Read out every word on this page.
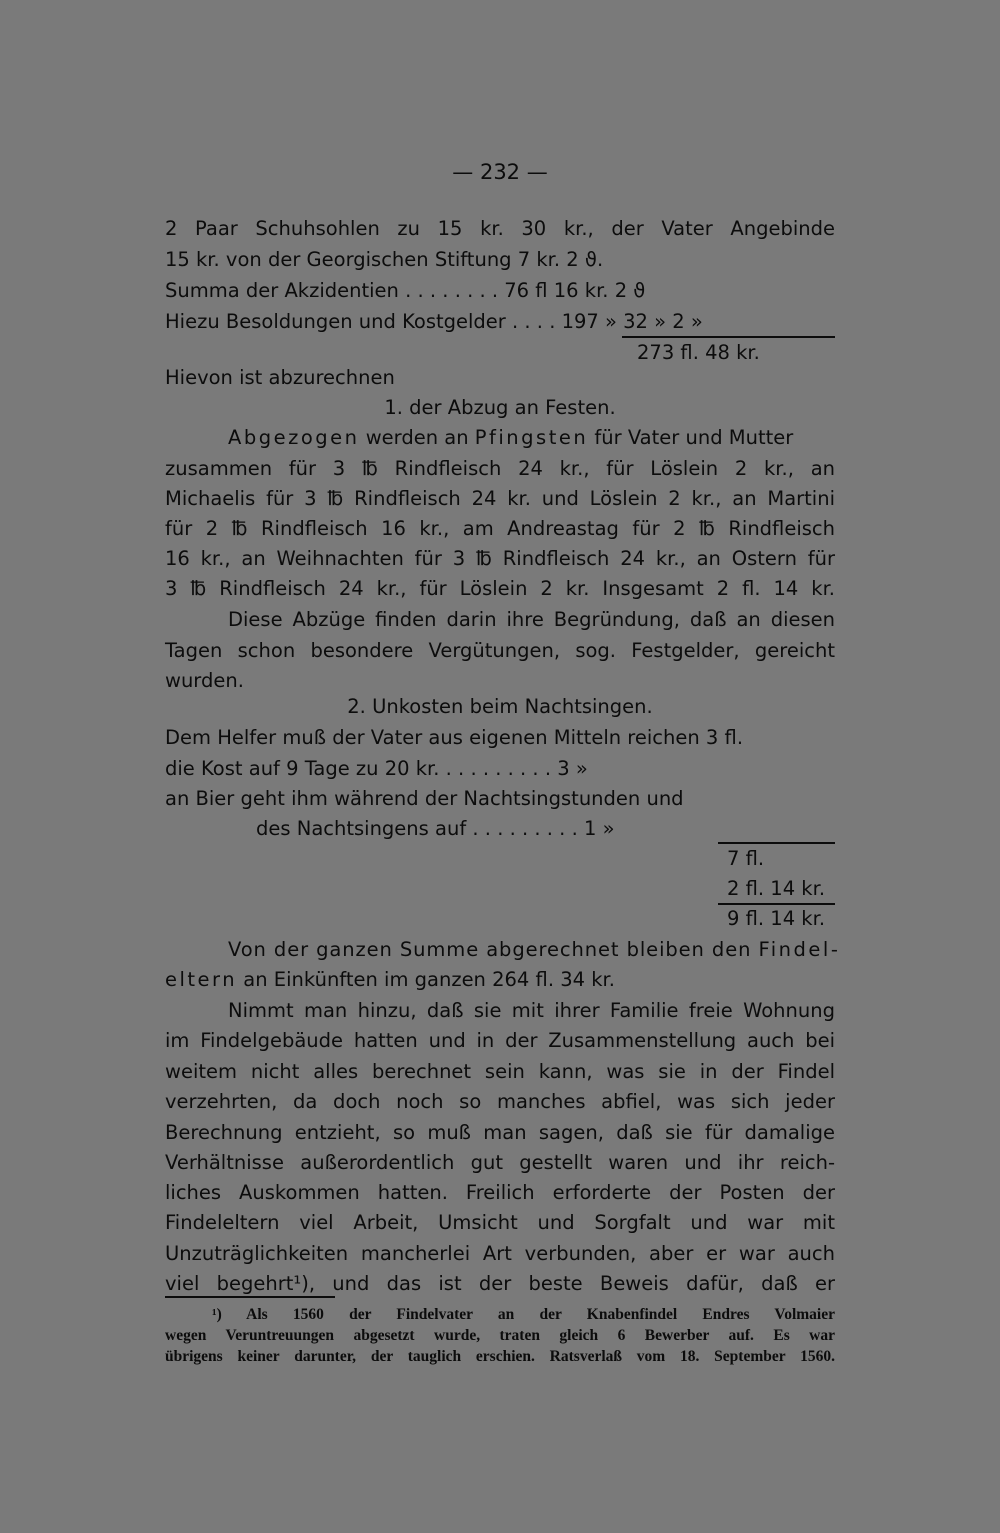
— 232 —
2 Paar Schuhsohlen zu 15 kr. 30 kr., der Vater Angebinde
15 kr. von der Georgischen Stiftung 7 kr. 2 ϑ.
Summa der Akzidentien . . . . . . . . 76 fl 16 kr. 2 ϑ
Hiezu Besoldungen und Kostgelder . . . . 197 » 32 » 2 »
273 fl. 48 kr.
Hievon ist abzurechnen
1. der Abzug an Festen.
Abgezogen werden an Pfingsten für Vater und Mutter
zusammen für 3 ℔ Rindfleisch 24 kr., für Löslein 2 kr., an
Michaelis für 3 ℔ Rindfleisch 24 kr. und Löslein 2 kr., an Martini
für 2 ℔ Rindfleisch 16 kr., am Andreastag für 2 ℔ Rindfleisch
16 kr., an Weihnachten für 3 ℔ Rindfleisch 24 kr., an Ostern für
3 ℔ Rindfleisch 24 kr., für Löslein 2 kr. Insgesamt 2 fl. 14 kr.
Diese Abzüge finden darin ihre Begründung, daß an diesen
Tagen schon besondere Vergütungen, sog. Festgelder, gereicht
wurden.
2. Unkosten beim Nachtsingen.
Dem Helfer muß der Vater aus eigenen Mitteln reichen 3 fl.
die Kost auf 9 Tage zu 20 kr. . . . . . . . . . 3 »
an Bier geht ihm während der Nachtsingstunden und
des Nachtsingens auf . . . . . . . . . 1 »
7 fl.
2 fl. 14 kr.
9 fl. 14 kr.
Von der ganzen Summe abgerechnet bleiben den Findel-
eltern an Einkünften im ganzen 264 fl. 34 kr.
Nimmt man hinzu, daß sie mit ihrer Familie freie Wohnung
im Findelgebäude hatten und in der Zusammenstellung auch bei
weitem nicht alles berechnet sein kann, was sie in der Findel
verzehrten, da doch noch so manches abfiel, was sich jeder
Berechnung entzieht, so muß man sagen, daß sie für damalige
Verhältnisse außerordentlich gut gestellt waren und ihr reich-
liches Auskommen hatten. Freilich erforderte der Posten der
Findeleltern viel Arbeit, Umsicht und Sorgfalt und war mit
Unzuträglichkeiten mancherlei Art verbunden, aber er war auch
viel begehrt¹), und das ist der beste Beweis dafür, daß er
¹) Als 1560 der Findelvater an der Knabenfindel Endres Volmaier
wegen Veruntreuungen abgesetzt wurde, traten gleich 6 Bewerber auf. Es war
übrigens keiner darunter, der tauglich erschien. Ratsverlaß vom 18. September 1560.
